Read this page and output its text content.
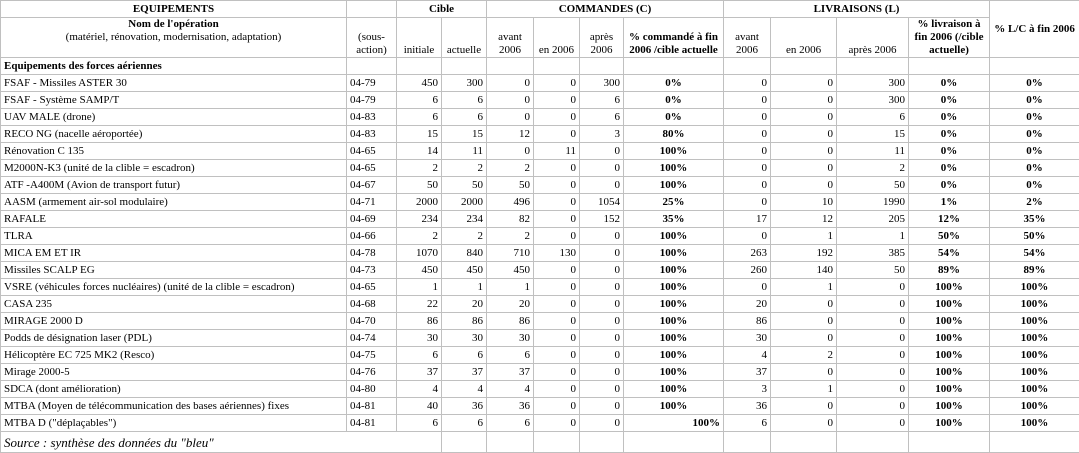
EQUIPEMENTS		Cible		COMMANDES (C)				LIVRAISONS (L)				% L/C à fin 2006

Nom de l'opération
(matériel, rénovation, modernisation, adaptation)	(sous-action)	initiale	actuelle	avant 2006	en 2006	après 2006	% commandé à fin 2006 /cible actuelle	avant 2006	en 2006	après 2006	% livraison à fin 2006 (/cible actuelle)	
Equipements des forces aériennes												
FSAF - Missiles ASTER 30	04-79	450	300	0	0	300	0%	0	0	300	0%	0%
FSAF - Système SAMP/T	04-79	6	6	0	0	6	0%	0	0	300	0%	0%
UAV MALE (drone)	04-83	6	6	0	0	6	0%	0	0	6	0%	0%
RECO NG (nacelle aéroportée)	04-83	15	15	12	0	3	80%	0	0	15	0%	0%
Rénovation C 135	04-65	14	11	0	11	0	100%	0	0	11	0%	0%
M2000N-K3 (unité de la clible = escadron)	04-65	2	2	2	0	0	100%	0	0	2	0%	0%
ATF -A400M (Avion de transport futur)	04-67	50	50	50	0	0	100%	0	0	50	0%	0%
AASM (armement air-sol modulaire)	04-71	2000	2000	496	0	1054	25%	0	10	1990	1%	2%
RAFALE	04-69	234	234	82	0	152	35%	17	12	205	12%	35%
TLRA	04-66	2	2	2	0	0	100%	0	1	1	50%	50%
MICA EM ET IR	04-78	1070	840	710	130	0	100%	263	192	385	54%	54%
Missiles SCALP EG	04-73	450	450	450	0	0	100%	260	140	50	89%	89%
VSRE (véhicules forces nucléaires) (unité de la clible = escadron)	04-65	1	1	1	0	0	100%	0	1	0	100%	100%
CASA 235	04-68	22	20	20	0	0	100%	20	0	0	100%	100%
MIRAGE 2000 D	04-70	86	86	86	0	0	100%	86	0	0	100%	100%
Podds de désignation laser (PDL)	04-74	30	30	30	0	0	100%	30	0	0	100%	100%
Hélicoptère EC 725 MK2 (Resco)	04-75	6	6	6	0	0	100%	4	2	0	100%	100%
Mirage 2000-5	04-76	37	37	37	0	0	100%	37	0	0	100%	100%
SDCA (dont amélioration)	04-80	4	4	4	0	0	100%	3	1	0	100%	100%
MTBA (Moyen de télécommunication des bases aériennes) fixes	04-81	40	36	36	0	0	100%	36	0	0	100%	100%
MTBA D ("déplaçables")	04-81	6	6	6	0	0	100%	6	0	0	100%	100%
Source : synthèse des données du "bleu"												
